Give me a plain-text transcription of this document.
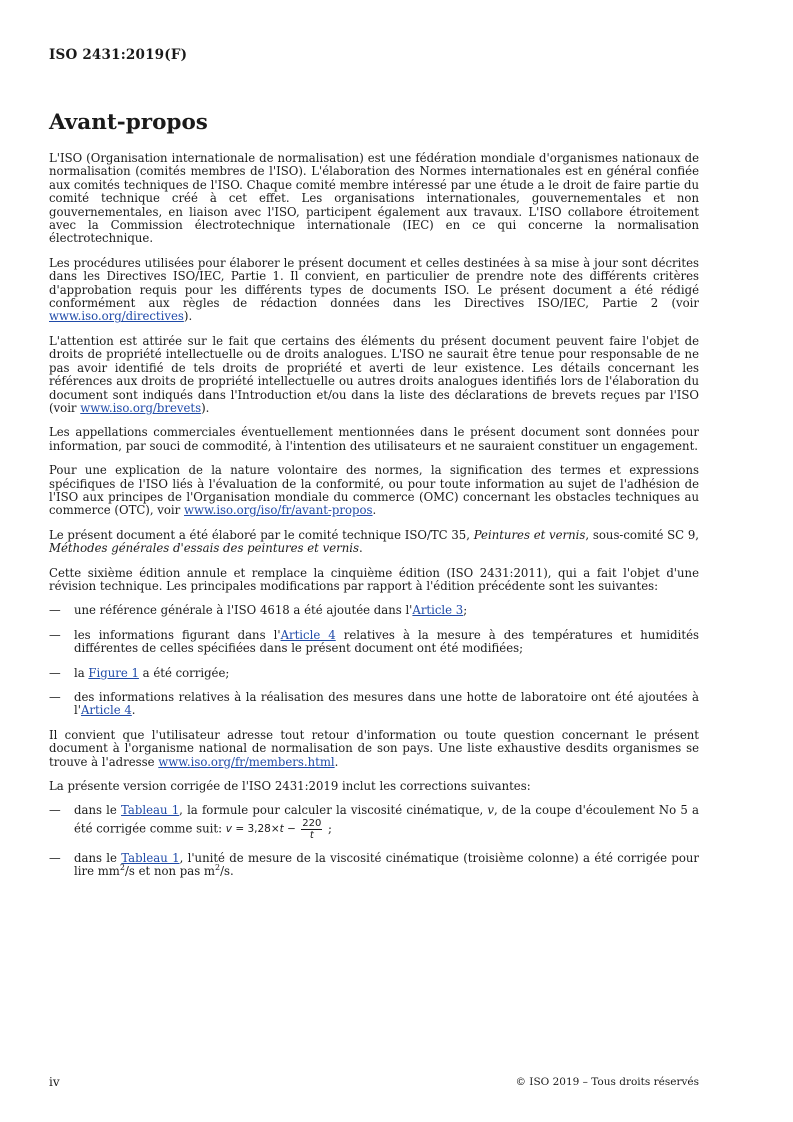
ISO 2431:2019(F)
Avant-propos

L'ISO (Organisation internationale de normalisation) est une fédération mondiale d'organismes nationaux de normalisation (comités membres de l'ISO). L'élaboration des Normes internationales est en général confiée aux comités techniques de l'ISO. Chaque comité membre intéressé par une étude a le droit de faire partie du comité technique créé à cet effet. Les organisations internationales, gouvernementales et non gouvernementales, en liaison avec l'ISO, participent également aux travaux. L'ISO collabore étroitement avec la Commission électrotechnique internationale (IEC) en ce qui concerne la normalisation électrotechnique.

Les procédures utilisées pour élaborer le présent document et celles destinées à sa mise à jour sont décrites dans les Directives ISO/IEC, Partie 1. Il convient, en particulier de prendre note des différents critères d'approbation requis pour les différents types de documents ISO. Le présent document a été rédigé conformément aux règles de rédaction données dans les Directives ISO/IEC, Partie 2 (voir www.iso.org/directives).

L'attention est attirée sur le fait que certains des éléments du présent document peuvent faire l'objet de droits de propriété intellectuelle ou de droits analogues. L'ISO ne saurait être tenue pour responsable de ne pas avoir identifié de tels droits de propriété et averti de leur existence. Les détails concernant les références aux droits de propriété intellectuelle ou autres droits analogues identifiés lors de l'élaboration du document sont indiqués dans l'Introduction et/ou dans la liste des déclarations de brevets reçues par l'ISO (voir www.iso.org/brevets).

Les appellations commerciales éventuellement mentionnées dans le présent document sont données pour information, par souci de commodité, à l'intention des utilisateurs et ne sauraient constituer un engagement.

Pour une explication de la nature volontaire des normes, la signification des termes et expressions spécifiques de l'ISO liés à l'évaluation de la conformité, ou pour toute information au sujet de l'adhésion de l'ISO aux principes de l'Organisation mondiale du commerce (OMC) concernant les obstacles techniques au commerce (OTC), voir www.iso.org/iso/fr/avant-propos.

Le présent document a été élaboré par le comité technique ISO/TC 35, Peintures et vernis, sous-comité SC 9, Méthodes générales d'essais des peintures et vernis.

Cette sixième édition annule et remplace la cinquième édition (ISO 2431:2011), qui a fait l'objet d'une révision technique. Les principales modifications par rapport à l'édition précédente sont les suivantes:

—	une référence générale à l'ISO 4618 a été ajoutée dans l'Article 3;
—	les informations figurant dans l'Article 4 relatives à la mesure à des températures et humidités différentes de celles spécifiées dans le présent document ont été modifiées;
—	la Figure 1 a été corrigée;
—	des informations relatives à la réalisation des mesures dans une hotte de laboratoire ont été ajoutées à l'Article 4.

Il convient que l'utilisateur adresse tout retour d'information ou toute question concernant le présent document à l'organisme national de normalisation de son pays. Une liste exhaustive desdits organismes se trouve à l'adresse www.iso.org/fr/members.html.

La présente version corrigée de l'ISO 2431:2019 inclut les corrections suivantes:

—	dans le Tableau 1, la formule pour calculer la viscosité cinématique, v, de la coupe d'écoulement No 5 a été corrigée comme suit: $v = 3,28\times t - \frac{220}{t}$ ;
—	dans le Tableau 1, l'unité de mesure de la viscosité cinématique (troisième colonne) a été corrigée pour lire $mm^2/s$ et non pas $m^2/s$.
iv	© ISO 2019 – Tous droits réservés
